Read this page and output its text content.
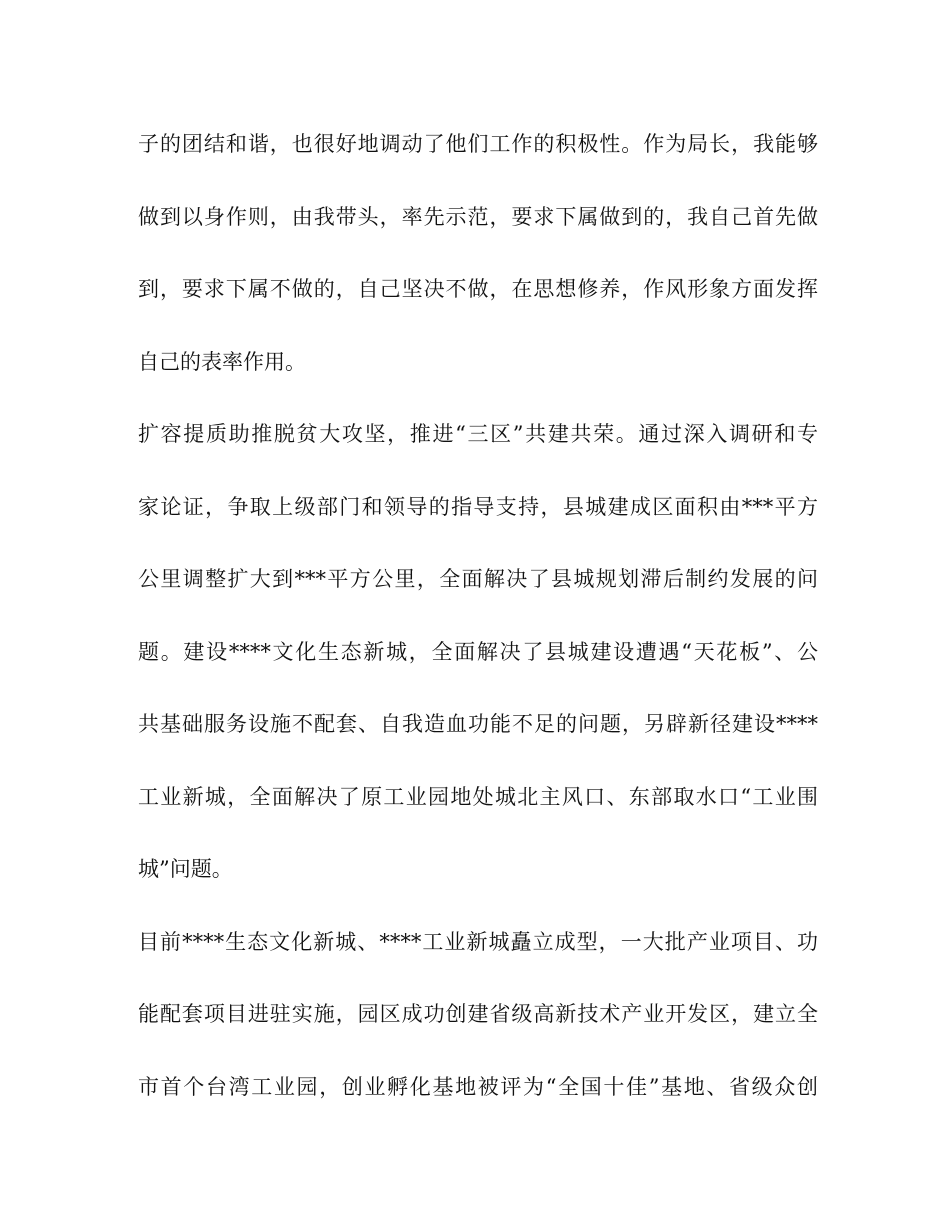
子的团结和谐，也很好地调动了他们工作的积极性。作为局长，我能够
做到以身作则，由我带头，率先示范，要求下属做到的，我自己首先做
到，要求下属不做的，自己坚决不做，在思想修养，作风形象方面发挥
自己的表率作用。
扩容提质助推脱贫大攻坚，推进“三区”共建共荣。通过深入调研和专
家论证，争取上级部门和领导的指导支持，县城建成区面积由***平方
公里调整扩大到***平方公里，全面解决了县城规划滞后制约发展的问
题。建设****文化生态新城，全面解决了县城建设遭遇“天花板”、公
共基础服务设施不配套、自我造血功能不足的问题，另辟新径建设****
工业新城，全面解决了原工业园地处城北主风口、东部取水口“工业围
城”问题。
目前****生态文化新城、****工业新城矗立成型，一大批产业项目、功
能配套项目进驻实施，园区成功创建省级高新技术产业开发区，建立全
市首个台湾工业园，创业孵化基地被评为“全国十佳”基地、省级众创
